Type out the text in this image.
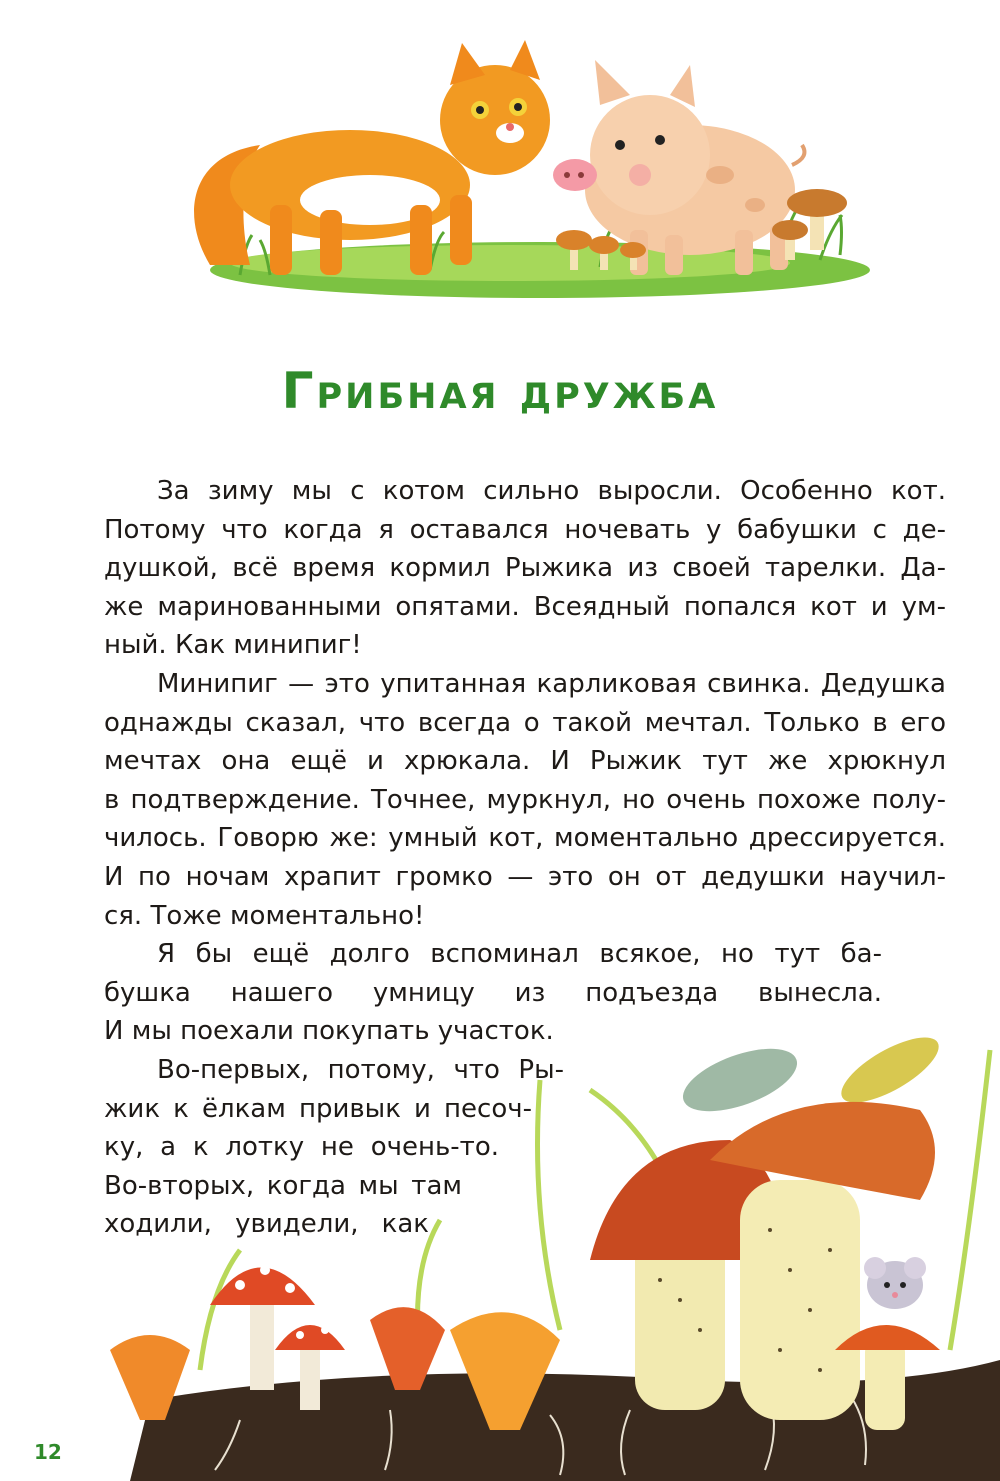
Грибная дружба
За зиму мы с котом сильно выросли. Особенно кот.
Потому что когда я оставался ночевать у бабушки с де-
душкой, всё время кормил Рыжика из своей тарелки. Да-
же маринованными опятами. Всеядный попался кот и ум-
ный. Как минипиг!
Минипиг — это упитанная карликовая свинка. Дедушка
однажды сказал, что всегда о такой мечтал. Только в его
мечтах она ещё и хрюкала. И Рыжик тут же хрюкнул
в подтверждение. Точнее, муркнул, но очень похоже полу-
чилось. Говорю же: умный кот, моментально дрессируется.
И по ночам храпит громко — это он от дедушки научил-
ся. Тоже моментально!
Я бы ещё долго вспоминал всякое, но тут ба-
бушка нашего умницу из подъезда вынесла.
И мы поехали покупать участок.
Во-первых, потому, что Ры-
жик к ёлкам привык и песоч-
ку, а к лотку не очень-то.
Во-вторых, когда мы там
ходили, увидели, как
12
